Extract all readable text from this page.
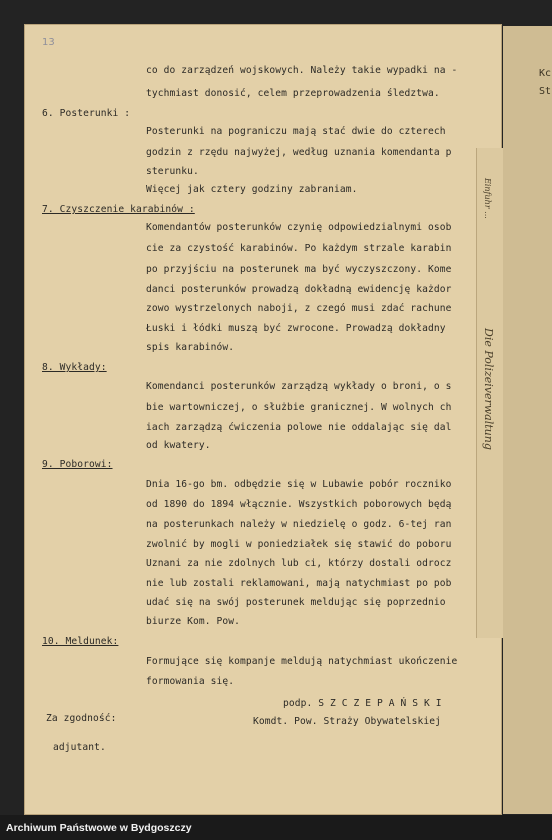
Kc
St
Einfuhr ...
Die Polizeiverwaltung
13
co do zarządzeń wojskowych. Należy takie wypadki na -
tychmiast donosić, celem przeprowadzenia śledztwa.
6. Posterunki :
Posterunki na pograniczu mają stać dwie do czterech
godzin z rzędu najwyżej, według uznania komendanta p
sterunku.
Więcej jak cztery godziny zabraniam.
7. Czyszczenie karabinów :
Komendantów posterunków czynię odpowiedzialnymi osob
cie za czystość karabinów. Po każdym strzale karabin
po przyjściu na posterunek ma być wyczyszczony. Kome
danci posterunków prowadzą dokładną ewidencję każdor
zowo wystrzelonych naboji, z czegó musi zdać rachune
Łuski i łódki muszą być zwrocone. Prowadzą dokładny
spis karabinów.
8. Wykłady:
Komendanci posterunków zarządzą wykłady o broni, o s
bie wartowniczej, o służbie granicznej. W wolnych ch
iach zarządzą ćwiczenia polowe nie oddalając się dal
od kwatery.
9. Poborowi:
Dnia 16-go bm. odbędzie się w Lubawie pobór roczniko
od 1890 do 1894 włącznie. Wszystkich poborowych będą
na posterunkach należy w niedzielę o godz. 6-tej ran
zwolnić by mogli w poniedziałek się stawić do poboru
Uznani za nie zdolnych lub ci, którzy dostali odrocz
nie lub zostali reklamowani, mają natychmiast po pob
udać się na swój posterunek meldując się poprzednio
biurze Kom. Pow.
10. Meldunek:
Formujące się kompanje meldują natychmiast ukończenie
formowania się.
podp. S Z C Z E P A Ń S K I
Komdt. Pow. Straży Obywatelskiej
Za zgodność:
adjutant.
Archiwum Państwowe w Bydgoszczy
